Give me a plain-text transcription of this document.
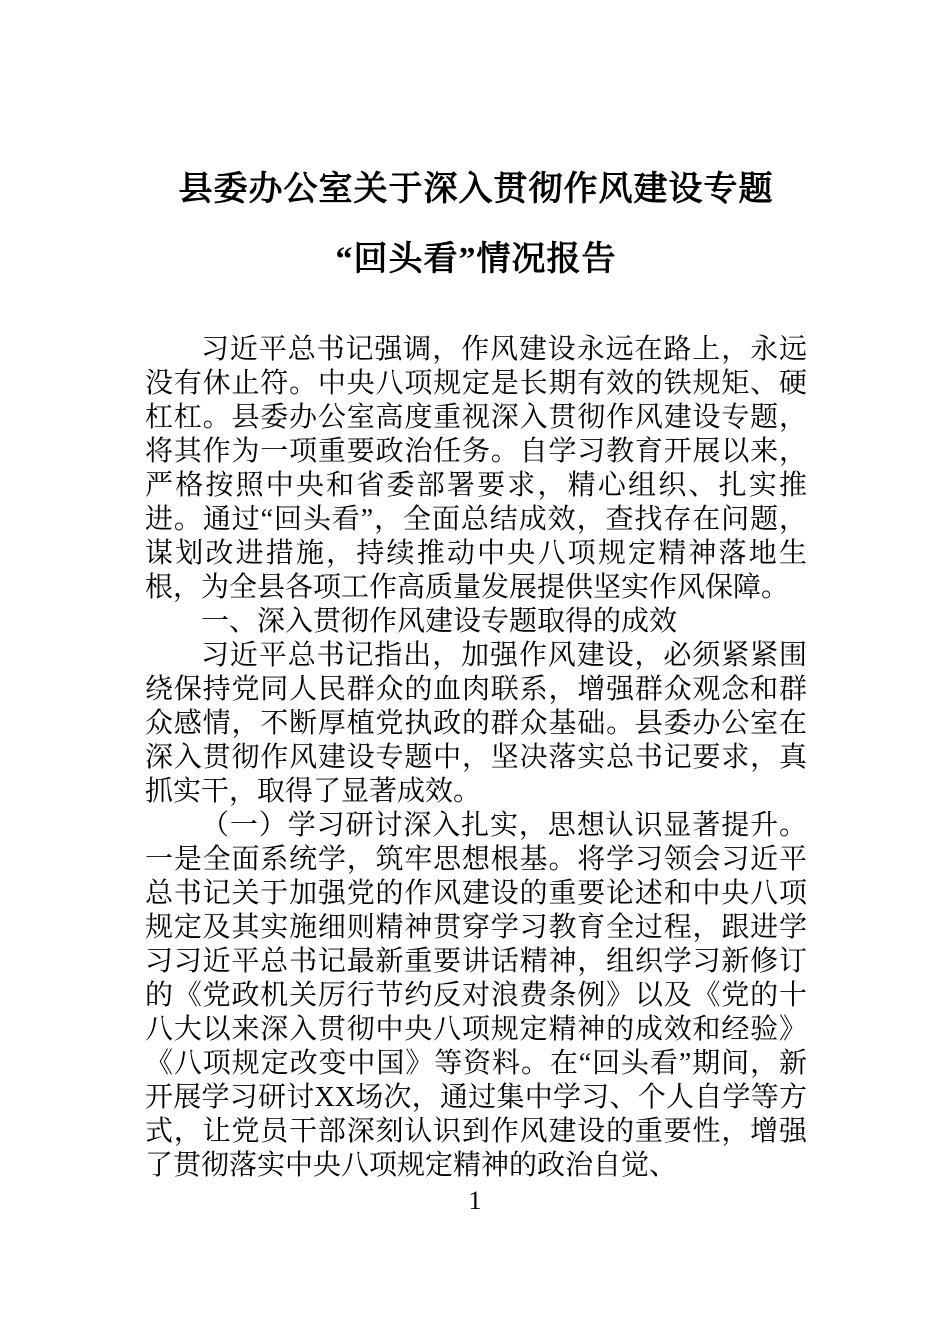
县委办公室关于深入贯彻作风建设专题
“回头看”情况报告

习近平总书记强调，作风建设永远在路上，永远没有休止符。中央八项规定是长期有效的铁规矩、硬杠杠。县委办公室高度重视深入贯彻作风建设专题，将其作为一项重要政治任务。自学习教育开展以来，严格按照中央和省委部署要求，精心组织、扎实推进。通过“回头看”，全面总结成效，查找存在问题，谋划改进措施，持续推动中央八项规定精神落地生根，为全县各项工作高质量发展提供坚实作风保障。

一、深入贯彻作风建设专题取得的成效

习近平总书记指出，加强作风建设，必须紧紧围绕保持党同人民群众的血肉联系，增强群众观念和群众感情，不断厚植党执政的群众基础。县委办公室在深入贯彻作风建设专题中，坚决落实总书记要求，真抓实干，取得了显著成效。

（一）学习研讨深入扎实，思想认识显著提升。一是全面系统学，筑牢思想根基。将学习领会习近平总书记关于加强党的作风建设的重要论述和中央八项规定及其实施细则精神贯穿学习教育全过程，跟进学习习近平总书记最新重要讲话精神，组织学习新修订的《党政机关厉行节约反对浪费条例》以及《党的十八大以来深入贯彻中央八项规定精神的成效和经验》《八项规定改变中国》等资料。在“回头看”期间，新开展学习研讨XX场次，通过集中学习、个人自学等方式，让党员干部深刻认识到作风建设的重要性，增强了贯彻落实中央八项规定精神的政治自觉、

1
